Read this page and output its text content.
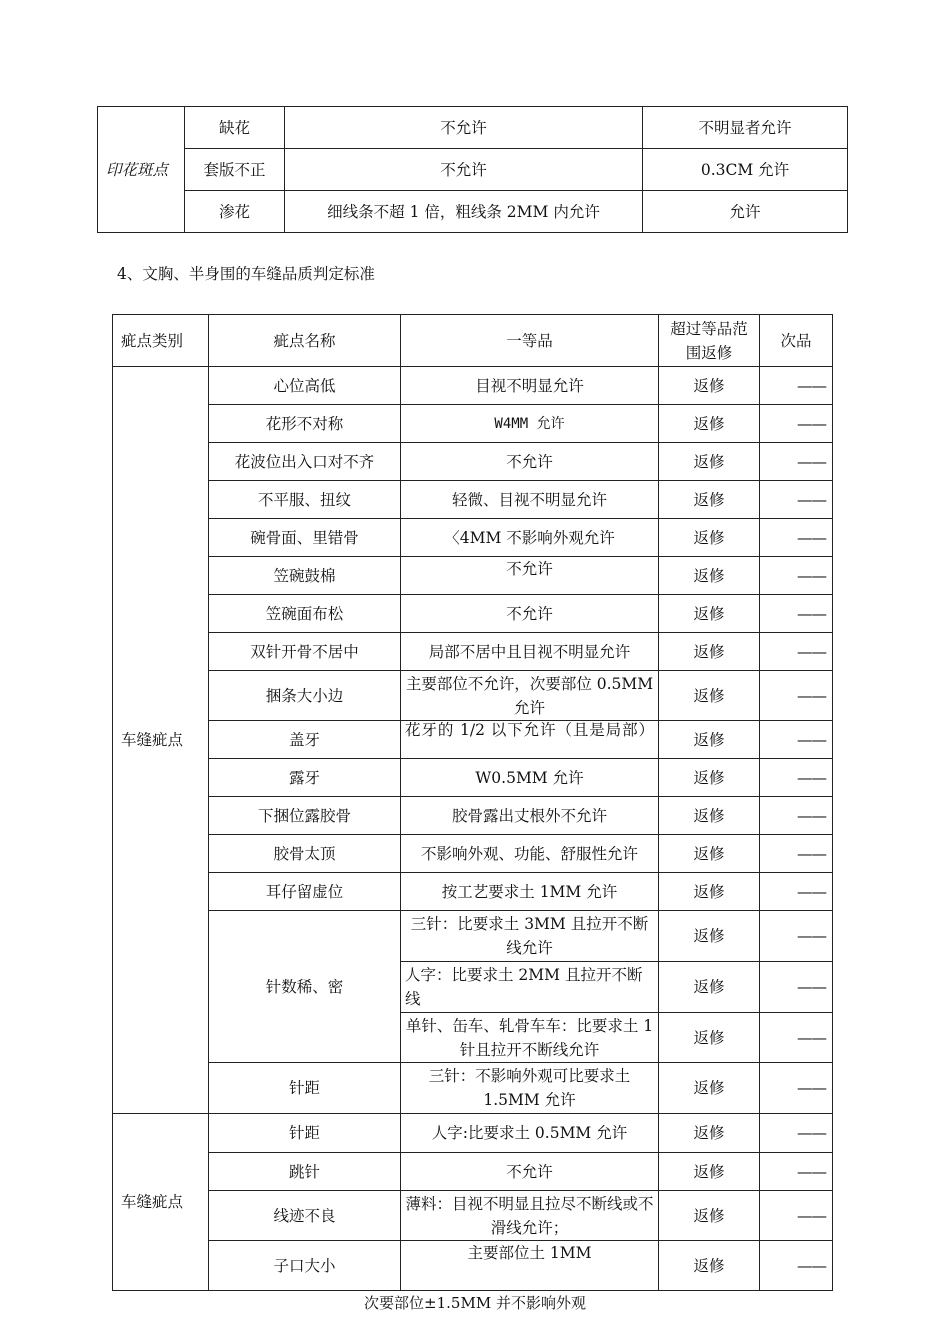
印花斑点	缺花	不允许	不明显者允许
	套版不正	不允许	0.3CM 允许
	渗花	细线条不超 1 倍，粗线条 2MM 内允许	允许
4、文胸、半身围的车缝品质判定标准
疵点类别	疵点名称	一等品	超过等品范围返修	次品
车缝疵点	心位高低	目视不明显允许	返修	——
	花形不对称	W4MM 允许	返修	——
	花波位出入口对不齐	不允许	返修	——
	不平服、扭纹	轻微、目视不明显允许	返修	——
	碗骨面、里错骨	〈4MM 不影响外观允许	返修	——
	笠碗鼓棉	不允许	返修	——
	笠碗面布松	不允许	返修	——
	双针开骨不居中	局部不居中且目视不明显允许	返修	——
	捆条大小边	主要部位不允许，次要部位 0.5MM 允许	返修	——
	盖牙	花牙的 1/2 以下允许（且是局部）	返修	——
	露牙	W0.5MM 允许	返修	——
	下捆位露胶骨	胶骨露出丈根外不允许	返修	——
	胶骨太顶	不影响外观、功能、舒服性允许	返修	——
	耳仔留虚位	按工艺要求土 1MM 允许	返修	——
	针数稀、密	三针：比要求土 3MM 且拉开不断线允许	返修	——
		人字：比要求土 2MM 且拉开不断线	返修	——
		单针、缶车、轧骨车车：比要求土 1 针且拉开不断线允许	返修	——
	针距	三针：不影响外观可比要求土 1.5MM 允许	返修	——
车缝疵点	针距	人字:比要求土 0.5MM 允许	返修	——
	跳针	不允许	返修	——
	线迹不良	薄料：目视不明显且拉尽不断线或不滑线允许；	返修	——
	子口大小	主要部位土 1MM	返修	——
次要部位±1.5MM 并不影响外观
